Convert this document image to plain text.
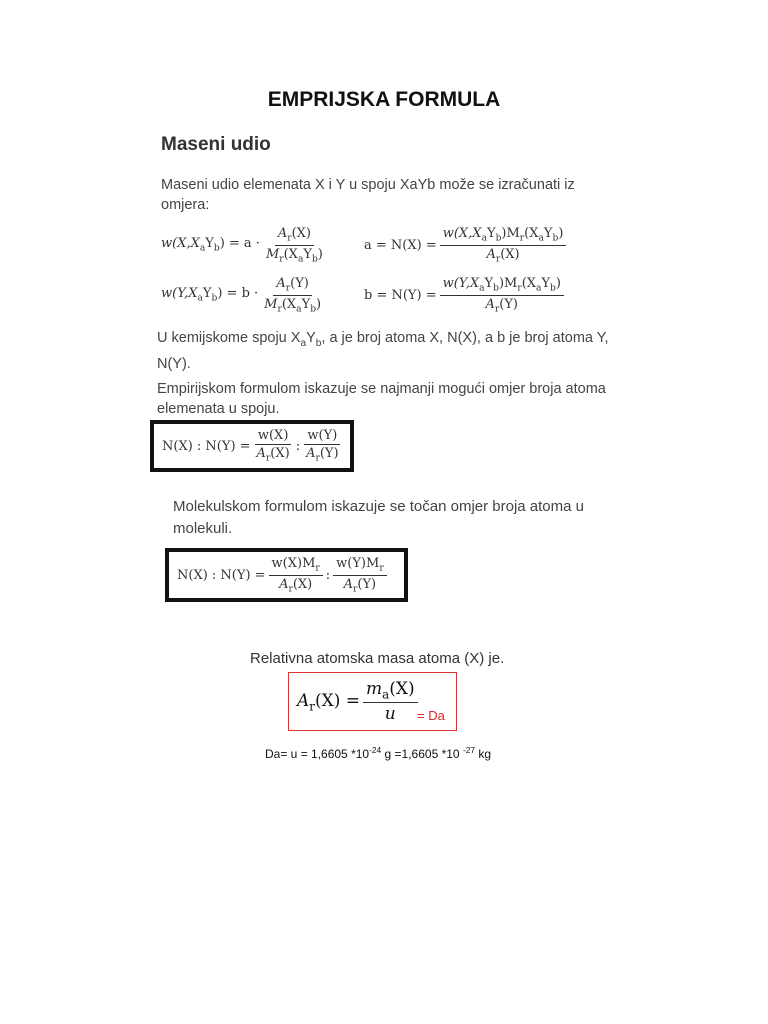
EMPRIJSKA FORMULA
Maseni udio
Maseni udio elemenata X i Y u spoju XaYb može se izračunati iz
omjera:
$w(X,X_aY_b) = a \cdot \frac{A_r(X)}{M_r(X_aY_b)}$	$a = N(X) = \frac{w(X,X_aY_b)M_r(X_aY_b)}{A_r(X)}$
$w(Y,X_aY_b) = b \cdot \frac{A_r(Y)}{M_r(X_aY_b)}$	$b = N(Y) = \frac{w(Y,X_aY_b)M_r(X_aY_b)}{A_r(Y)}$
U kemijskome spoju $X_aY_b$, a je broj atoma X, N(X), a b je broj atoma Y,
N(Y).
Empirijskom formulom iskazuje se najmanji mogući omjer broja atoma
elemenata u spoju.
N(X) : $N(Y) = \frac{w(X)}{A_r(X)}$ : $\frac{w(Y)}{A_r(Y)}$
Molekulskom formulom iskazuje se točan omjer broja atoma u
molekuli.
N(X) : $N(Y) = \frac{w(X)M_r}{A_r(X)}$ : $\frac{w(Y)M_r}{A_r(Y)}$
Relativna atomska masa atoma (X) je.
$A_r(X) = \frac{m_a(X)}{u} = Da$
Da= u = 1,6605 $*10^{-24}$ g =1,6605 *10 $^{-27}$ kg
